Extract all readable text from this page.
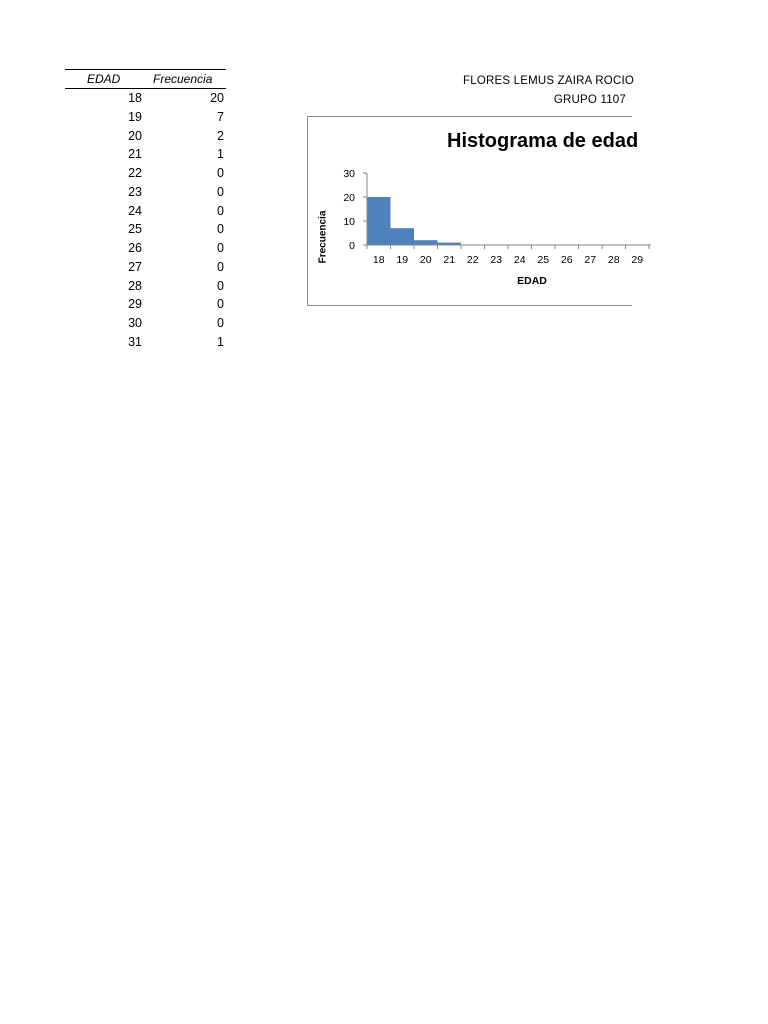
EDAD	Frecuencia
18	20
19	7
20	2
21	1
22	0
23	0
24	0
25	0
26	0
27	0
28	0
29	0
30	0
31	1
FLORES LEMUS ZAIRA ROCIO
GRUPO 1107
Histograma de edad
0
10
20
30
18 19 20 21 22 23 24 25 26 27 28 29
Frecuencia
EDAD
